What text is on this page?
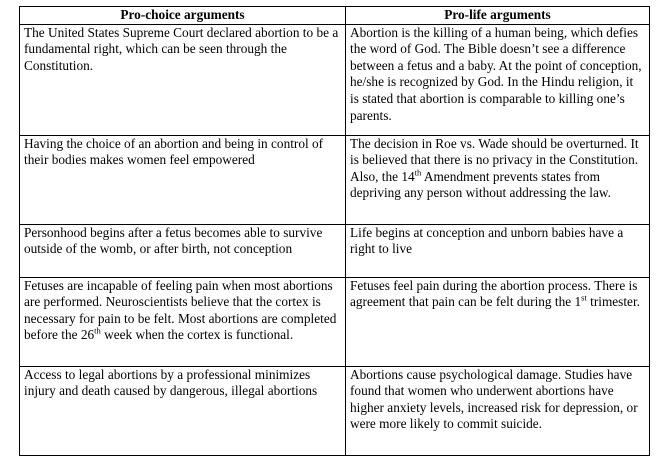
Pro-choice arguments	Pro-life arguments
The United States Supreme Court declared abortion to be a fundamental right, which can be seen through the Constitution.	Abortion is the killing of a human being, which defies the word of God. The Bible doesn’t see a difference between a fetus and a baby. At the point of conception, he/she is recognized by God. In the Hindu religion, it is stated that abortion is comparable to killing one’s parents.
Having the choice of an abortion and being in control of their bodies makes women feel empowered	The decision in Roe vs. Wade should be overturned. It is believed that there is no privacy in the Constitution. Also, the 14th Amendment prevents states from depriving any person without addressing the law.
Personhood begins after a fetus becomes able to survive outside of the womb, or after birth, not conception	Life begins at conception and unborn babies have a right to live
Fetuses are incapable of feeling pain when most abortions are performed. Neuroscientists believe that the cortex is necessary for pain to be felt. Most abortions are completed before the 26th week when the cortex is functional.	Fetuses feel pain during the abortion process. There is agreement that pain can be felt during the 1st trimester.
Access to legal abortions by a professional minimizes injury and death caused by dangerous, illegal abortions	Abortions cause psychological damage. Studies have found that women who underwent abortions have higher anxiety levels, increased risk for depression, or were more likely to commit suicide.
